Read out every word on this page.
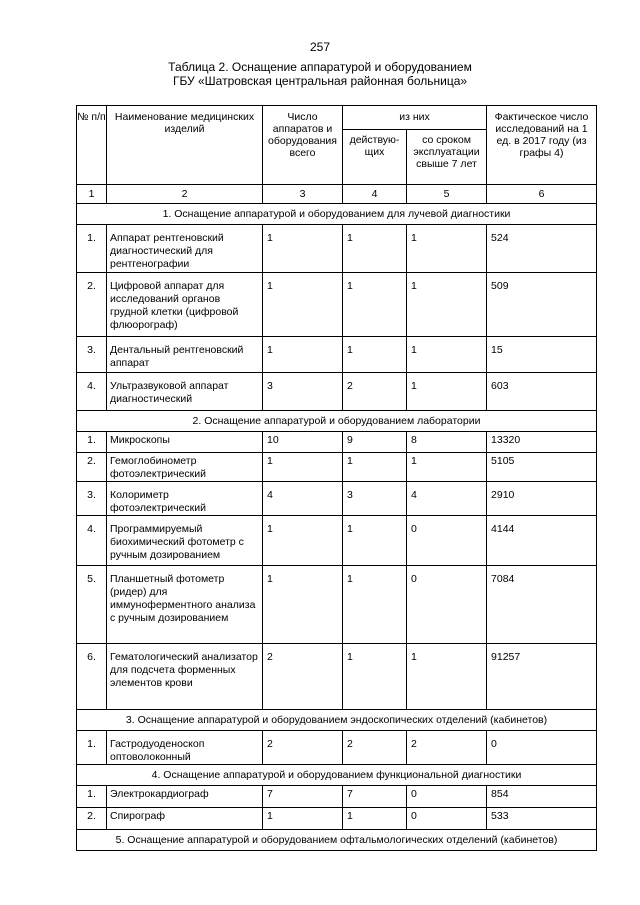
257
Таблица 2. Оснащение аппаратурой и оборудованием
ГБУ «Шатровская центральная районная больница»
№ п/п	Наименование медицинских изделий	Число аппаратов и оборудования всего	из них		Фактическое число исследований на 1 ед. в 2017 году (из графы 4)
			действую-щих	со сроком эксплуатации свыше 7 лет	
1	2	3	4	5	6
1. Оснащение аппаратурой и оборудованием для лучевой диагностики					
1.	Аппарат рентгеновский диагностический для рентгенографии	1	1	1	524
2.	Цифровой аппарат для исследований органов грудной клетки (цифровой флюорограф)	1	1	1	509
3.	Дентальный рентгеновский аппарат	1	1	1	15
4.	Ультразвуковой аппарат диагностический	3	2	1	603
2. Оснащение аппаратурой и оборудованием лаборатории					
1.	Микроскопы	10	9	8	13320
2.	Гемоглобинометр фотоэлектрический	1	1	1	5105
3.	Колориметр фотоэлектрический	4	3	4	2910
4.	Программируемый биохимический фотометр с ручным дозированием	1	1	0	4144
5.	Планшетный фотометр (ридер) для иммуноферментного анализа с ручным дозированием	1	1	0	7084
6.	Гематологический анализатор для подсчета форменных элементов крови	2	1	1	91257
3. Оснащение аппаратурой и оборудованием эндоскопических отделений (кабинетов)					
1.	Гастродуоденоскоп оптоволоконный	2	2	2	0
4. Оснащение аппаратурой и оборудованием функциональной диагностики					
1.	Электрокардиограф	7	7	0	854
2.	Спирограф	1	1	0	533
5. Оснащение аппаратурой и оборудованием офтальмологических отделений (кабинетов)					
